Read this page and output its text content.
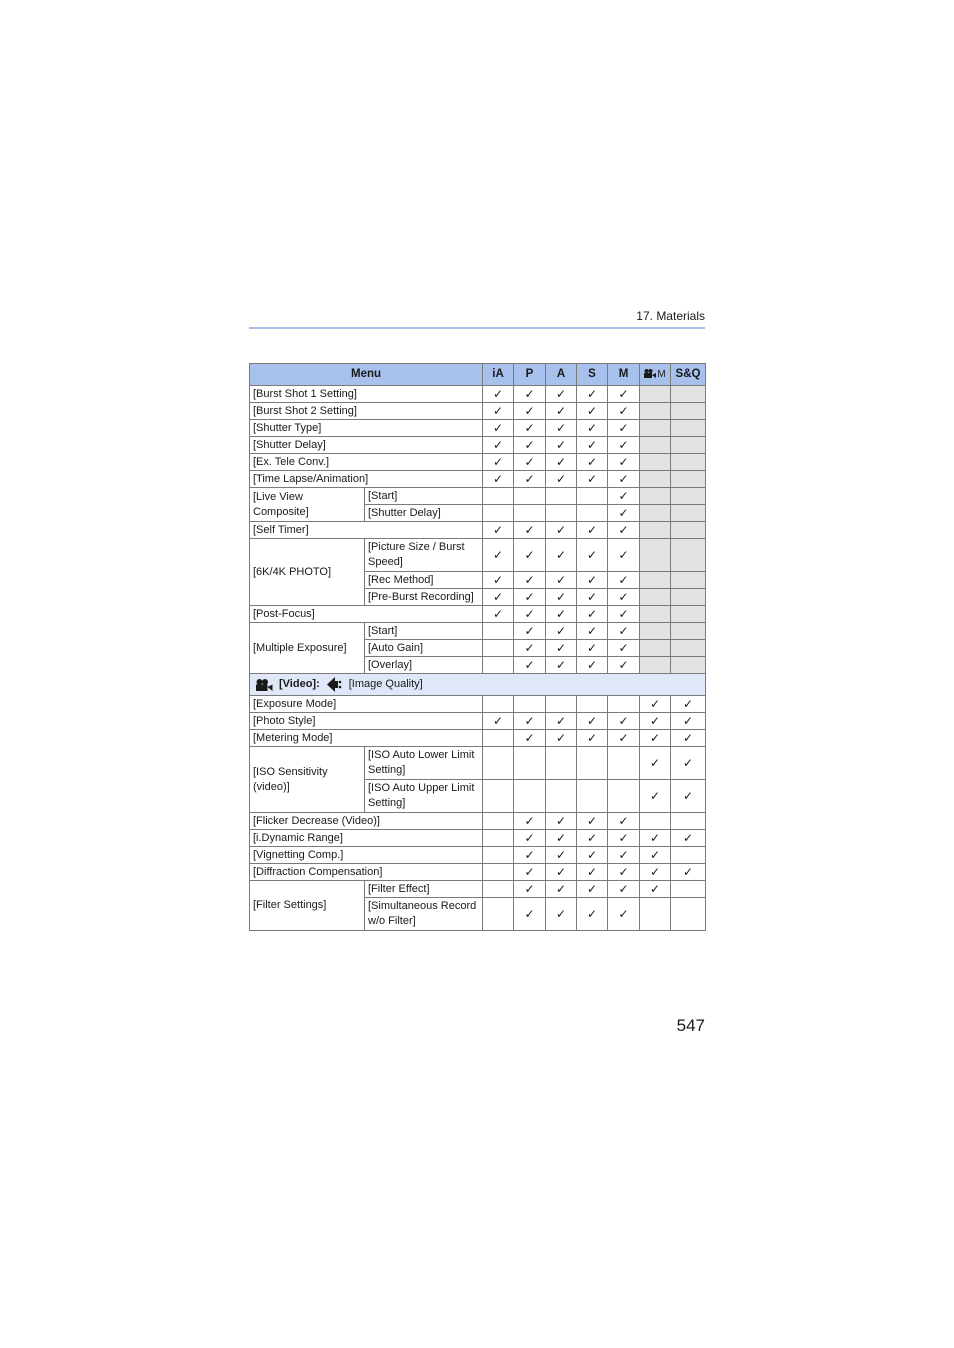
17. Materials
Menu		iA	P	A	S	M	M	S&Q
[Burst Shot 1 Setting]		✓	✓	✓	✓	✓		
[Burst Shot 2 Setting]		✓	✓	✓	✓	✓		
[Shutter Type]		✓	✓	✓	✓	✓		
[Shutter Delay]		✓	✓	✓	✓	✓		
[Ex. Tele Conv.]		✓	✓	✓	✓	✓		
[Time Lapse/Animation]		✓	✓	✓	✓	✓		
[Live View Composite]	[Start]					✓		
	[Shutter Delay]					✓		
[Self Timer]		✓	✓	✓	✓	✓		
[6K/4K PHOTO]	[Picture Size / Burst Speed]	✓	✓	✓	✓	✓		
	[Rec Method]	✓	✓	✓	✓	✓		
	[Pre-Burst Recording]	✓	✓	✓	✓	✓		
[Post-Focus]		✓	✓	✓	✓	✓		
[Multiple Exposure]	[Start]		✓	✓	✓	✓		
	[Auto Gain]		✓	✓	✓	✓		
	[Overlay]		✓	✓	✓	✓		

[Video]: [Image Quality]								

[Exposure Mode]							✓	✓
[Photo Style]		✓	✓	✓	✓	✓	✓	✓
[Metering Mode]			✓	✓	✓	✓	✓	✓
[ISO Sensitivity (video)]	[ISO Auto Lower Limit Setting]						✓	✓
	[ISO Auto Upper Limit Setting]						✓	✓
[Flicker Decrease (Video)]			✓	✓	✓	✓		
[i.Dynamic Range]			✓	✓	✓	✓	✓	✓
[Vignetting Comp.]			✓	✓	✓	✓	✓	
[Diffraction Compensation]			✓	✓	✓	✓	✓	✓
[Filter Settings]	[Filter Effect]		✓	✓	✓	✓	✓	
	[Simultaneous Record w/o Filter]		✓	✓	✓	✓		
547
